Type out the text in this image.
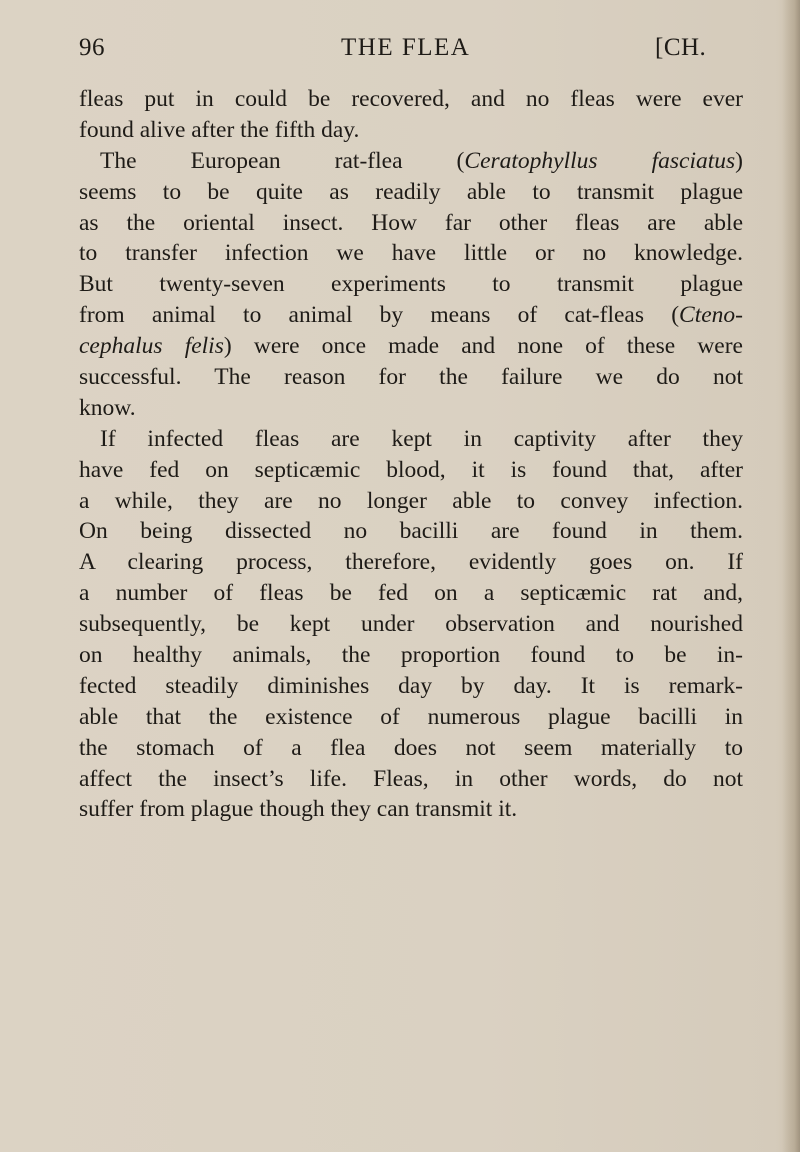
96	THE FLEA	[CH.
fleas put in could be recovered, and no fleas were ever
found alive after the fifth day.
The European rat-flea (Ceratophyllus fasciatus)
seems to be quite as readily able to transmit plague
as the oriental insect. How far other fleas are able
to transfer infection we have little or no knowledge.
But twenty-seven experiments to transmit plague
from animal to animal by means of cat-fleas (Cteno-
cephalus felis) were once made and none of these were
successful. The reason for the failure we do not
know.
If infected fleas are kept in captivity after they
have fed on septicæmic blood, it is found that, after
a while, they are no longer able to convey infection.
On being dissected no bacilli are found in them.
A clearing process, therefore, evidently goes on. If
a number of fleas be fed on a septicæmic rat and,
subsequently, be kept under observation and nourished
on healthy animals, the proportion found to be in-
fected steadily diminishes day by day. It is remark-
able that the existence of numerous plague bacilli in
the stomach of a flea does not seem materially to
affect the insect’s life. Fleas, in other words, do not
suffer from plague though they can transmit it.
